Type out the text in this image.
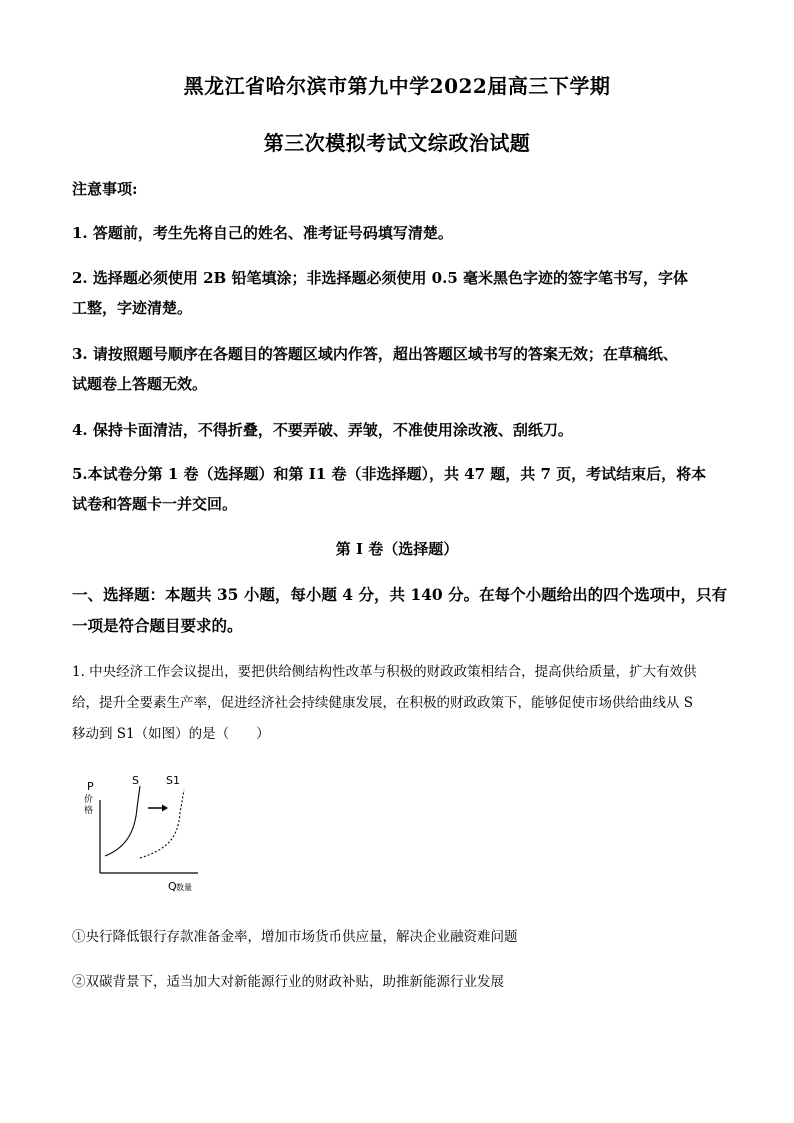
黑龙江省哈尔滨市第九中学2022届高三下学期
第三次模拟考试文综政治试题
注意事项:
1. 答题前，考生先将自己的姓名、准考证号码填写清楚。
2. 选择题必须使用 2B 铅笔填涂；非选择题必须使用 0.5 毫米黑色字迹的签字笔书写，字体
工整，字迹清楚。
3. 请按照题号顺序在各题目的答题区域内作答，超出答题区域书写的答案无效；在草稿纸、
试题卷上答题无效。
4. 保持卡面清洁，不得折叠，不要弄破、弄皱，不准使用涂改液、刮纸刀。
5.本试卷分第 1 卷（选择题）和第 I1 卷（非选择题），共 47 题，共 7 页，考试结束后，将本
试卷和答题卡一并交回。
第 I 卷（选择题）
一、选择题：本题共 35 小题，每小题 4 分，共 140 分。在每个小题给出的四个选项中，只有
一项是符合题目要求的。
1. 中央经济工作会议提出，要把供给侧结构性改革与积极的财政政策相结合，提高供给质量，扩大有效供
给，提升全要素生产率，促进经济社会持续健康发展，在积极的财政政策下，能够促使市场供给曲线从 S
移动到 S1（如图）的是（　　）
P
价
格
S S1
Q 数量
①央行降低银行存款准备金率，增加市场货币供应量，解决企业融资难问题
②双碳背景下，适当加大对新能源行业的财政补贴，助推新能源行业发展
